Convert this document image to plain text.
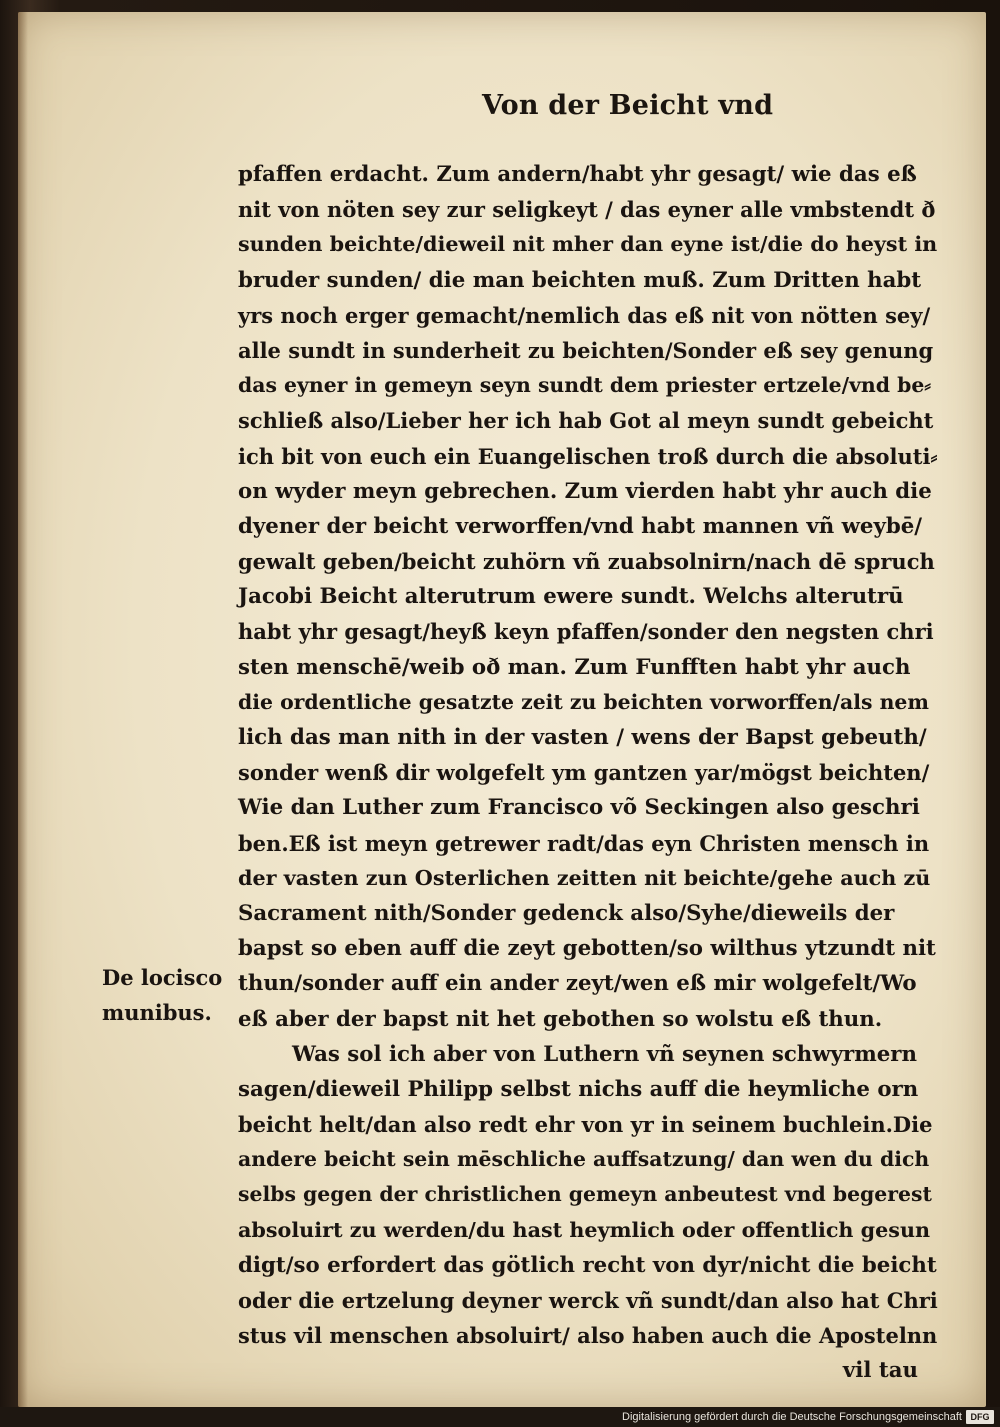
Von der Beicht vnd
pfaffen erdacht. Zum andern/habt yhr gesagt/ wie das eß
nit von nöten sey zur seligkeyt / das eyner alle vmbstendt ð
sunden beichte/dieweil nit mher dan eyne ist/die do heyst in
bruder sunden/ die man beichten muß. Zum Dritten habt
yrs noch erger gemacht/nemlich das eß nit von nötten sey/
alle sundt in sunderheit zu beichten/Sonder eß sey genung
das eyner in gemeyn seyn sundt dem priester ertzele/vnd be⸗
schließ also/Lieber her ich hab Got al meyn sundt gebeicht
ich bit von euch ein Euangelischen troß durch die absoluti⸗
on wyder meyn gebrechen. Zum vierden habt yhr auch die
dyener der beicht verworffen/vnd habt mannen vñ weybē/
gewalt geben/beicht zuhörn vñ zuabsolnirn/nach dē spruch
Jacobi Beicht alterutrum ewere sundt. Welchs alterutrū
habt yhr gesagt/heyß keyn pfaffen/sonder den negsten chri
sten menschē/weib oð man. Zum Funfften habt yhr auch
die ordentliche gesatzte zeit zu beichten vorworffen/als nem
lich das man nith in der vasten / wens der Bapst gebeuth/
sonder wenß dir wolgefelt ym gantzen yar/mögst beichten/
Wie dan Luther zum Francisco võ Seckingen also geschri
ben.Eß ist meyn getrewer radt/das eyn Christen mensch in
der vasten zun Osterlichen zeitten nit beichte/gehe auch zū
Sacrament nith/Sonder gedenck also/Syhe/dieweils der
bapst so eben auff die zeyt gebotten/so wilthus ytzundt nit
thun/sonder auff ein ander zeyt/wen eß mir wolgefelt/Wo
eß aber der bapst nit het gebothen so wolstu eß thun.
Was sol ich aber von Luthern vñ seynen schwyrmern
sagen/dieweil Philipp selbst nichs auff die heymliche orn
beicht helt/dan also redt ehr von yr in seinem buchlein.Die
andere beicht sein mēschliche auffsatzung/ dan wen du dich
selbs gegen der christlichen gemeyn anbeutest vnd begerest
absoluirt zu werden/du hast heymlich oder offentlich gesun
digt/so erfordert das götlich recht von dyr/nicht die beicht
oder die ertzelung deyner werck vñ sundt/dan also hat Chri
stus vil menschen absoluirt/ also haben auch die Apostelnn
vil tau
De locisco
munibus.
Digitalisierung gefördert durch die Deutsche Forschungsgemeinschaft DFG
